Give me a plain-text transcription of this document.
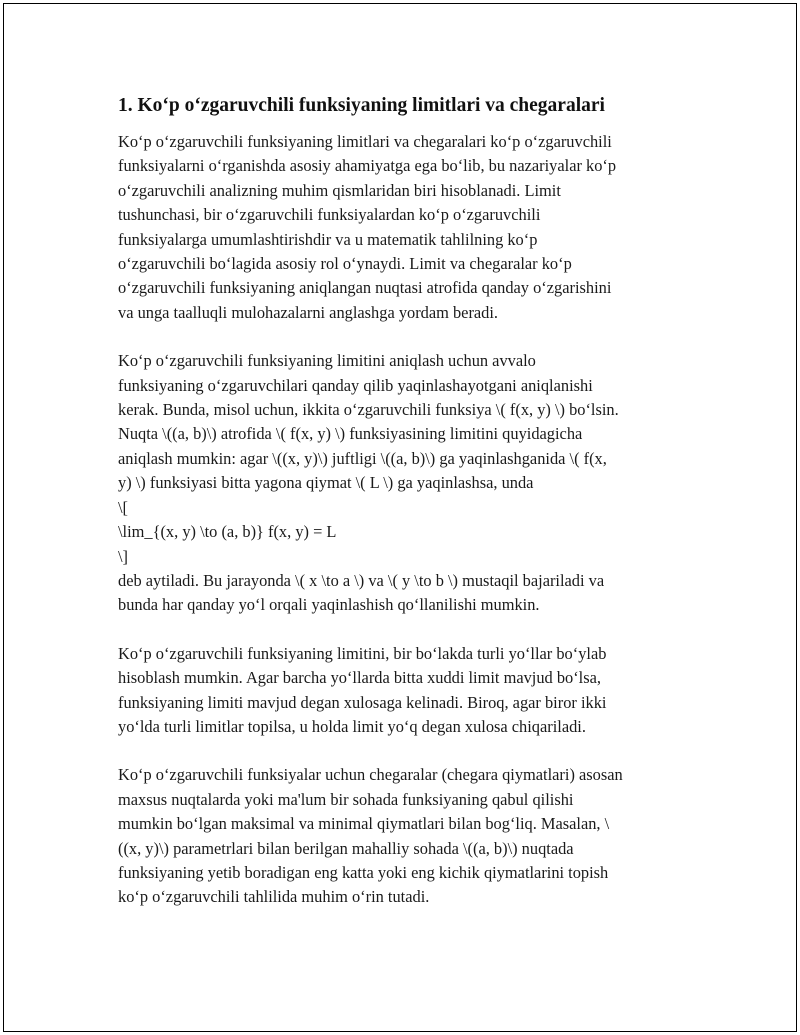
1. Ko‘p o‘zgaruvchili funksiyaning limitlari va chegaralari

Ko‘p o‘zgaruvchili funksiyaning limitlari va chegaralari ko‘p o‘zgaruvchili
funksiyalarni o‘rganishda asosiy ahamiyatga ega bo‘lib, bu nazariyalar ko‘p
o‘zgaruvchili analizning muhim qismlaridan biri hisoblanadi. Limit
tushunchasi, bir o‘zgaruvchili funksiyalardan ko‘p o‘zgaruvchili
funksiyalarga umumlashtirishdir va u matematik tahlilning ko‘p
o‘zgaruvchili bo‘lagida asosiy rol o‘ynaydi. Limit va chegaralar ko‘p
o‘zgaruvchili funksiyaning aniqlangan nuqtasi atrofida qanday o‘zgarishini
va unga taalluqli mulohazalarni anglashga yordam beradi.

Ko‘p o‘zgaruvchili funksiyaning limitini aniqlash uchun avvalo
funksiyaning o‘zgaruvchilari qanday qilib yaqinlashayotgani aniqlanishi
kerak. Bunda, misol uchun, ikkita o‘zgaruvchili funksiya \( f(x, y) \) bo‘lsin.
Nuqta \((a, b)\) atrofida \( f(x, y) \) funksiyasining limitini quyidagicha
aniqlash mumkin: agar \((x, y)\) juftligi \((a, b)\) ga yaqinlashganida \( f(x,
y) \) funksiyasi bitta yagona qiymat \( L \) ga yaqinlashsa, unda
\[
\lim_{(x, y) \to (a, b)} f(x, y) = L
\]
deb aytiladi. Bu jarayonda \( x \to a \) va \( y \to b \) mustaqil bajariladi va
bunda har qanday yo‘l orqali yaqinlashish qo‘llanilishi mumkin.

Ko‘p o‘zgaruvchili funksiyaning limitini, bir bo‘lakda turli yo‘llar bo‘ylab
hisoblash mumkin. Agar barcha yo‘llarda bitta xuddi limit mavjud bo‘lsa,
funksiyaning limiti mavjud degan xulosaga kelinadi. Biroq, agar biror ikki
yo‘lda turli limitlar topilsa, u holda limit yo‘q degan xulosa chiqariladi.

Ko‘p o‘zgaruvchili funksiyalar uchun chegaralar (chegara qiymatlari) asosan
maxsus nuqtalarda yoki ma'lum bir sohada funksiyaning qabul qilishi
mumkin bo‘lgan maksimal va minimal qiymatlari bilan bog‘liq. Masalan, \
((x, y)\) parametrlari bilan berilgan mahalliy sohada \((a, b)\) nuqtada
funksiyaning yetib boradigan eng katta yoki eng kichik qiymatlarini topish
ko‘p o‘zgaruvchili tahlilida muhim o‘rin tutadi.
